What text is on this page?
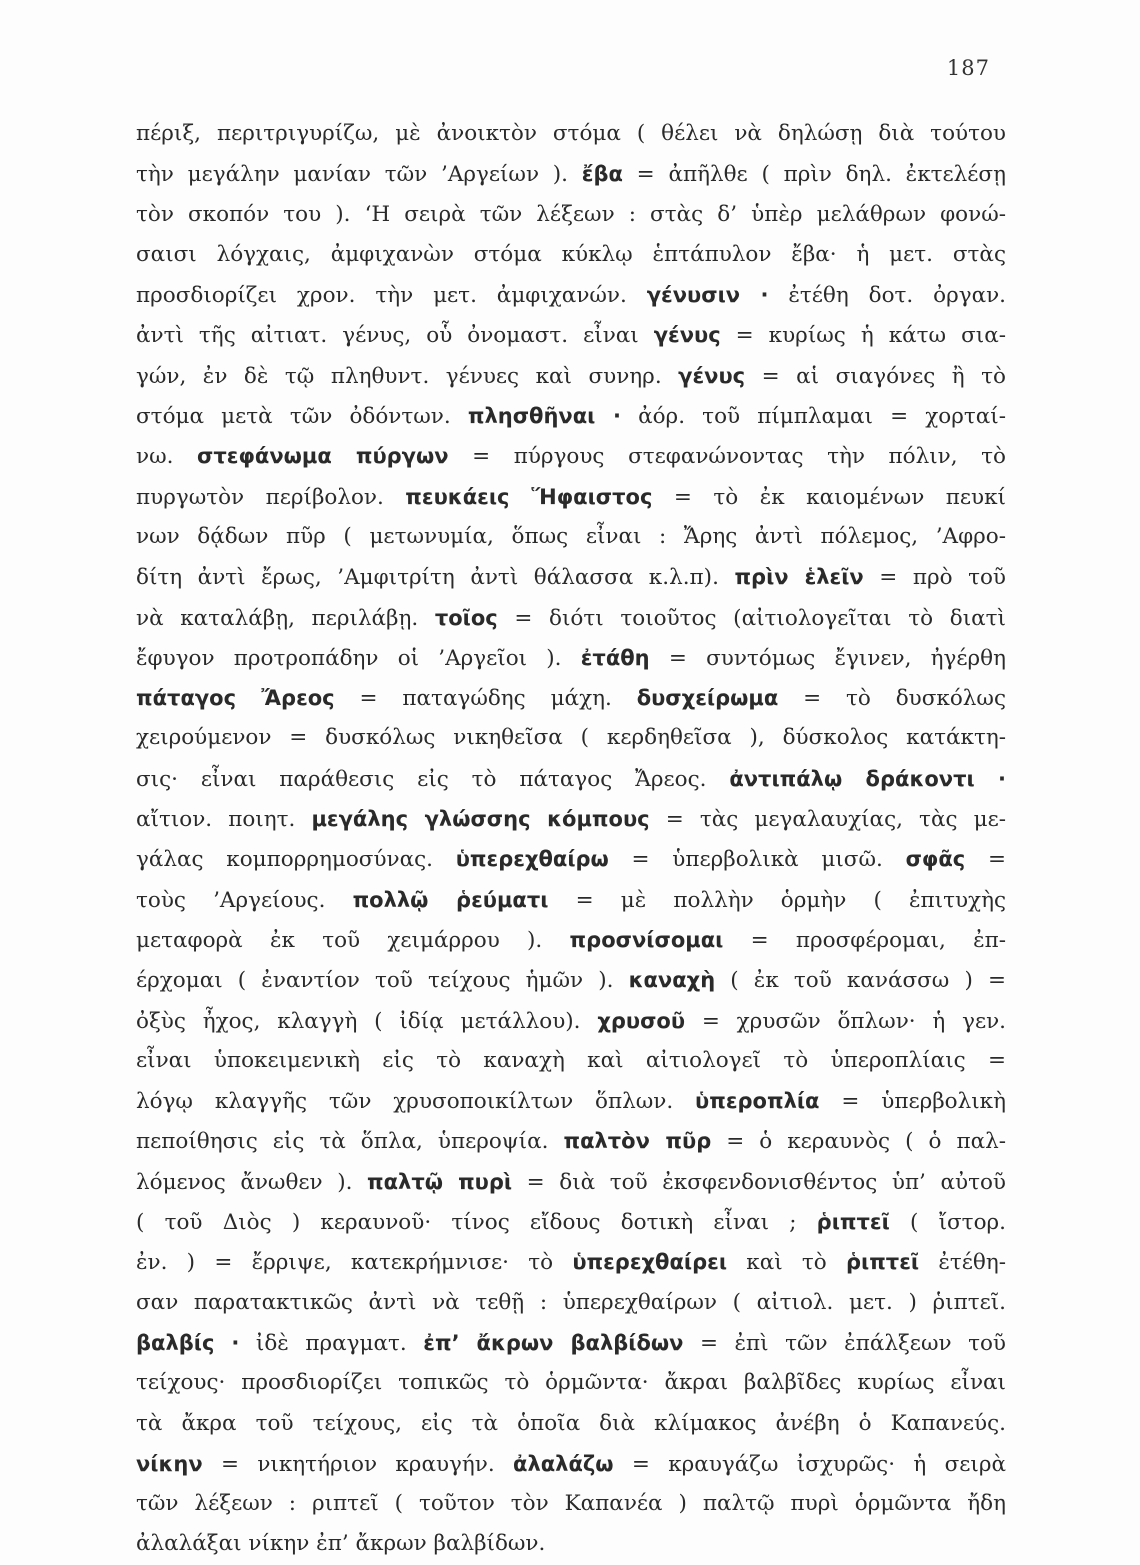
187
πέριξ, περιτριγυρίζω, μὲ ἀνοικτὸν στόμα ( θέλει νὰ δηλώσῃ διὰ τούτου
τὴν μεγάλην μανίαν τῶν ’Αργείων ). ἔβα = ἀπῆλθε ( πρὶν δηλ. ἐκτελέσῃ
τὸν σκοπόν του ). ‘Η σειρὰ τῶν λέξεων : στὰς δ’ ὑπὲρ μελάθρων φονώ-
σαισι λόγχαις, ἀμφιχανὼν στόμα κύκλῳ ἑπτάπυλον ἔβα· ἡ μετ. στὰς
προσδιορίζει χρον. τὴν μετ. ἀμφιχανών. γένυσιν · ἐτέθη δοτ. ὀργαν.
ἀντὶ τῆς αἰτιατ. γένυς, οὗ ὀνομαστ. εἶναι γένυς = κυρίως ἡ κάτω σια-
γών, ἐν δὲ τῷ πληθυντ. γένυες καὶ συνηρ. γένυς = αἱ σιαγόνες ἢ τὸ
στόμα μετὰ τῶν ὀδόντων. πλησθῆναι · ἀόρ. τοῦ πίμπλαμαι = χορταί-
νω. στεφάνωμα πύργων = πύργους στεφανώνοντας τὴν πόλιν, τὸ
πυργωτὸν περίβολον. πευκάεις Ἥφαιστος = τὸ ἐκ καιομένων πευκί
νων δᾴδων πῦρ ( μετωνυμία, ὅπως εἶναι : Ἄρης ἀντὶ πόλεμος, ’Αφρο-
δίτη ἀντὶ ἔρως, ’Αμφιτρίτη ἀντὶ θάλασσα κ.λ.π). πρὶν ἑλεῖν = πρὸ τοῦ
νὰ καταλάβῃ, περιλάβῃ. τοῖος = διότι τοιοῦτος (αἰτιολογεῖται τὸ διατὶ
ἔφυγον προτροπάδην οἱ ’Αργεῖοι ). ἐτάθη = συντόμως ἔγινεν, ἠγέρθη
πάταγος Ἄρεος = παταγώδης μάχη. δυσχείρωμα = τὸ δυσκόλως
χειρούμενον = δυσκόλως νικηθεῖσα ( κερδηθεῖσα ), δύσκολος κατάκτη-
σις· εἶναι παράθεσις εἰς τὸ πάταγος Ἄρεος. ἀντιπάλῳ δράκοντι ·
αἴτιον. ποιητ. μεγάλης γλώσσης κόμπους = τὰς μεγαλαυχίας, τὰς με-
γάλας κομπορρημοσύνας. ὑπερεχθαίρω = ὑπερβολικὰ μισῶ. σφᾶς =
τοὺς ’Αργείους. πολλῷ ῥεύματι = μὲ πολλὴν ὁρμὴν ( ἐπιτυχὴς
μεταφορὰ ἐκ τοῦ χειμάρρου ). προσνίσομαι = προσφέρομαι, ἐπ-
έρχομαι ( ἐναντίον τοῦ τείχους ἡμῶν ). καναχὴ ( ἐκ τοῦ κανάσσω ) =
ὀξὺς ἦχος, κλαγγὴ ( ἰδίᾳ μετάλλου). χρυσοῦ = χρυσῶν ὅπλων· ἡ γεν.
εἶναι ὑποκειμενικὴ εἰς τὸ καναχὴ καὶ αἰτιολογεῖ τὸ ὑπεροπλίαις =
λόγῳ κλαγγῆς τῶν χρυσοποικίλτων ὅπλων. ὑπεροπλία = ὑπερβολικὴ
πεποίθησις εἰς τὰ ὅπλα, ὑπεροψία. παλτὸν πῦρ = ὁ κεραυνὸς ( ὁ παλ-
λόμενος ἄνωθεν ). παλτῷ πυρὶ = διὰ τοῦ ἐκσφενδονισθέντος ὑπ’ αὐτοῦ
( τοῦ Διὸς ) κεραυνοῦ· τίνος εἴδους δοτικὴ εἶναι ; ῥιπτεῖ ( ἴστορ.
ἐν. ) = ἔρριψε, κατεκρήμνισε· τὸ ὑπερεχθαίρει καὶ τὸ ῥιπτεῖ ἐτέθη-
σαν παρατακτικῶς ἀντὶ νὰ τεθῇ : ὑπερεχθαίρων ( αἰτιολ. μετ. ) ῥιπτεῖ.
βαλβίς · ἰδὲ πραγματ. ἐπ’ ἄκρων βαλβίδων = ἐπὶ τῶν ἐπάλξεων τοῦ
τείχους· προσδιορίζει τοπικῶς τὸ ὁρμῶντα· ἄκραι βαλβῖδες κυρίως εἶναι
τὰ ἄκρα τοῦ τείχους, εἰς τὰ ὁποῖα διὰ κλίμακος ἀνέβη ὁ Καπανεύς.
νίκην = νικητήριον κραυγήν. ἀλαλάζω = κραυγάζω ἰσχυρῶς· ἡ σειρὰ
τῶν λέξεων : ριπτεῖ ( τοῦτον τὸν Καπανέα ) παλτῷ πυρὶ ὁρμῶντα ἤδη
ἀλαλάξαι νίκην ἐπ’ ἄκρων βαλβίδων.
